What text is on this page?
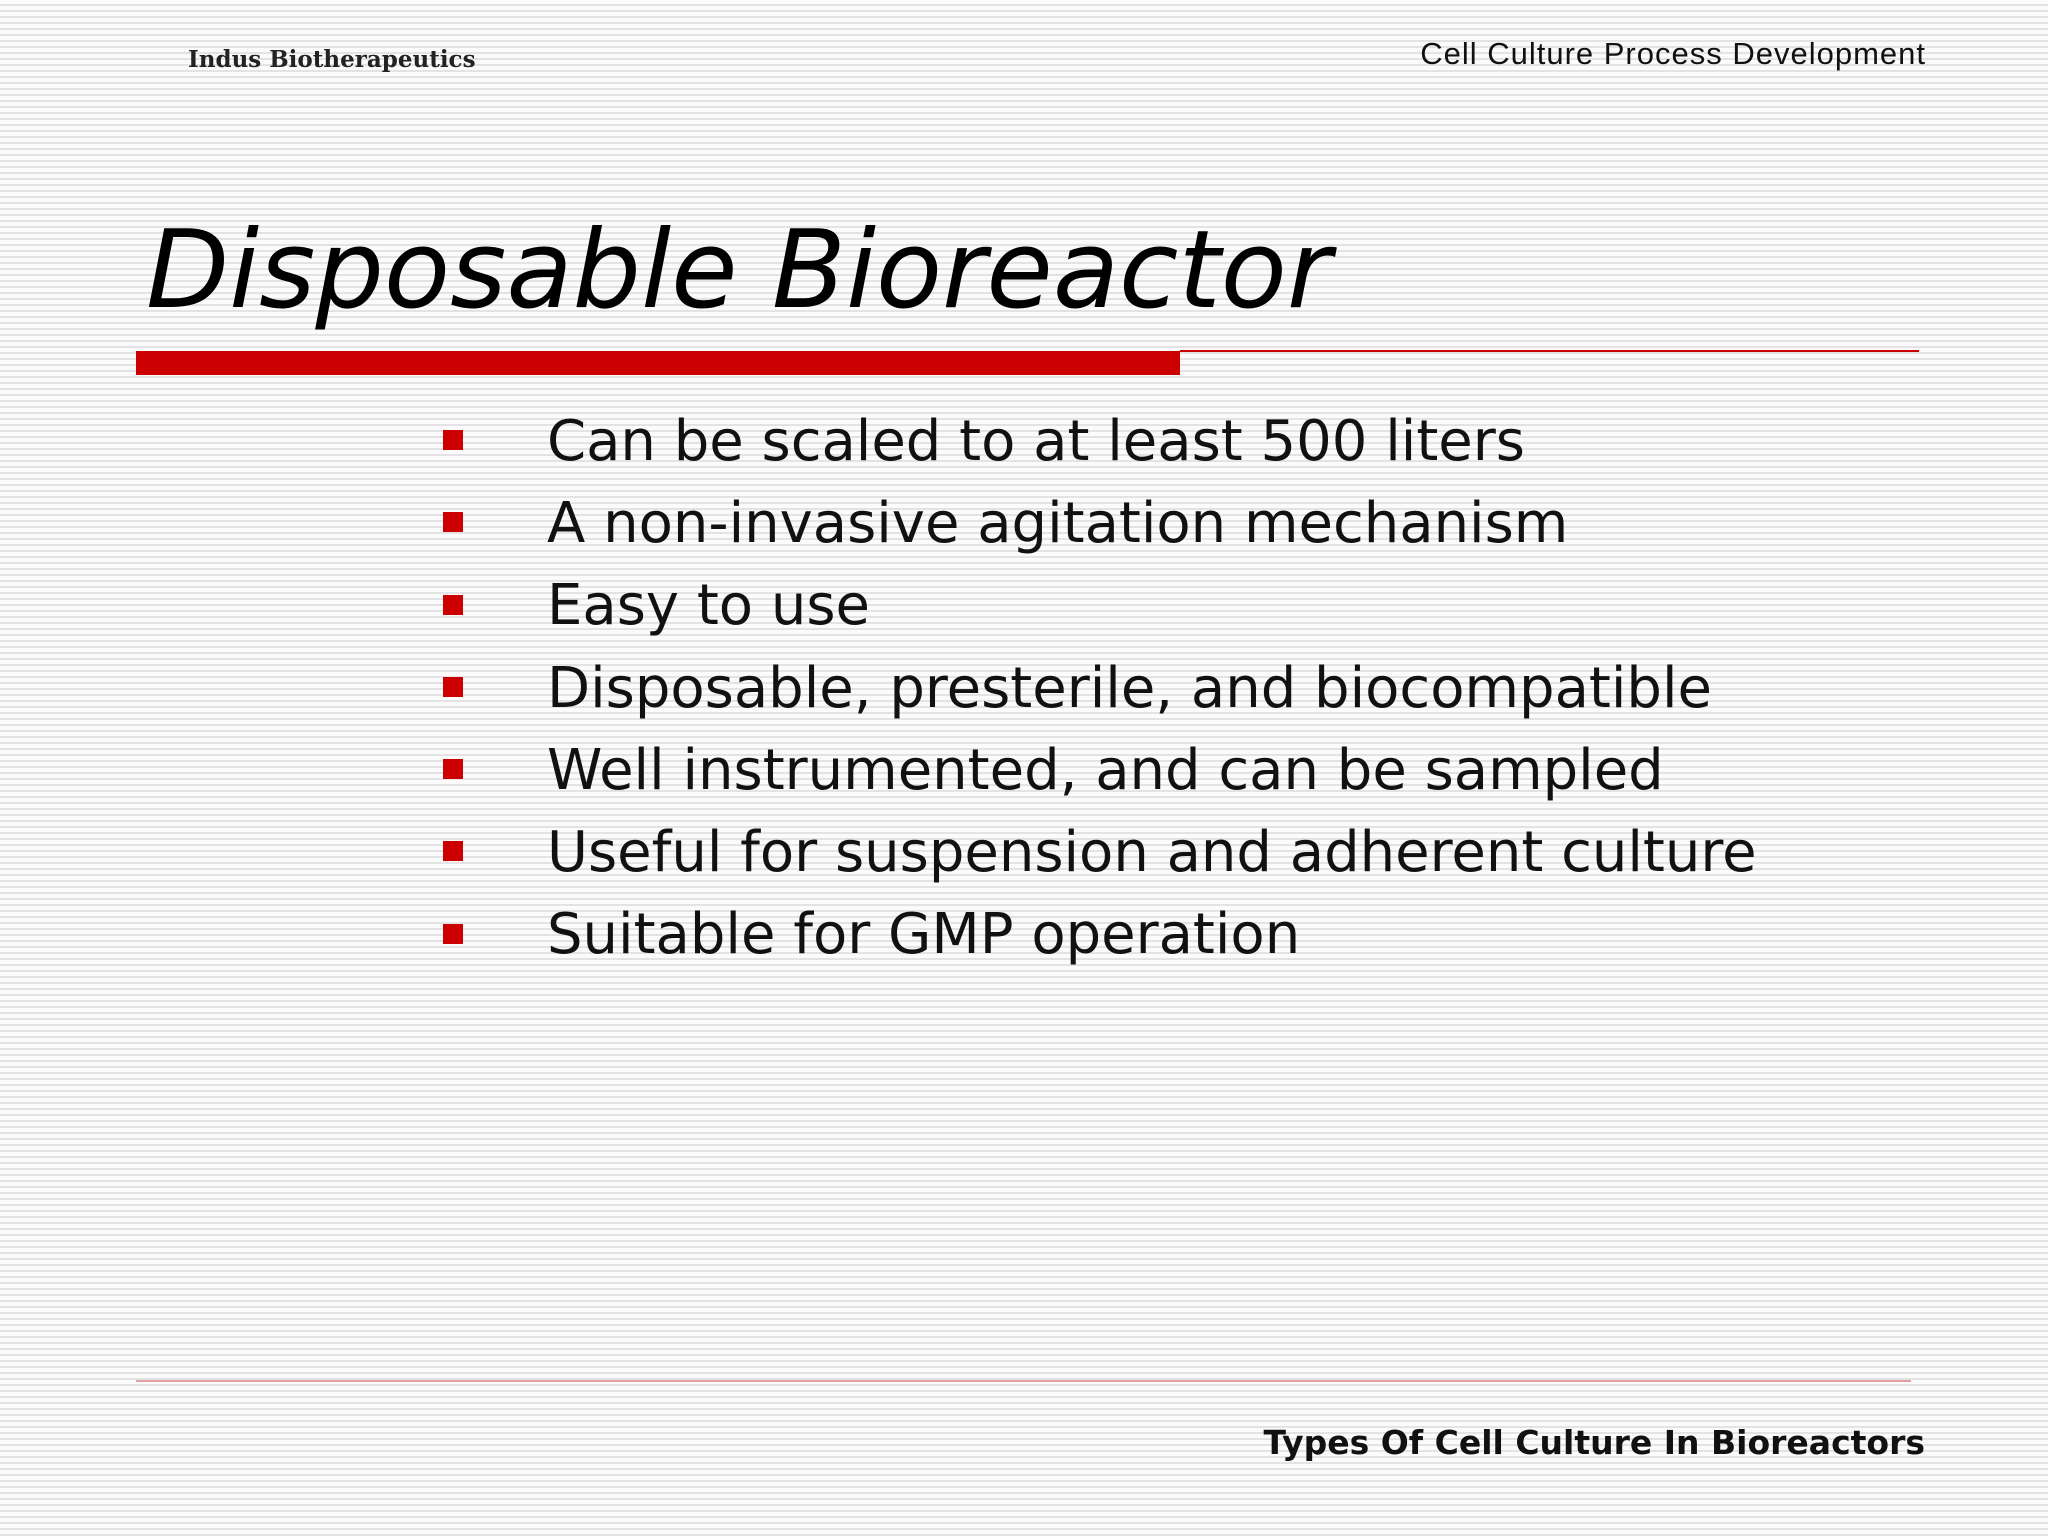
Indus Biotherapeutics	Cell Culture Process Development
Disposable Bioreactor
Can be scaled to at least 500 liters
A non-invasive agitation mechanism
Easy to use
Disposable, presterile, and biocompatible
Well instrumented, and can be sampled
Useful for suspension and adherent culture
Suitable for GMP operation
Types Of Cell Culture In Bioreactors
